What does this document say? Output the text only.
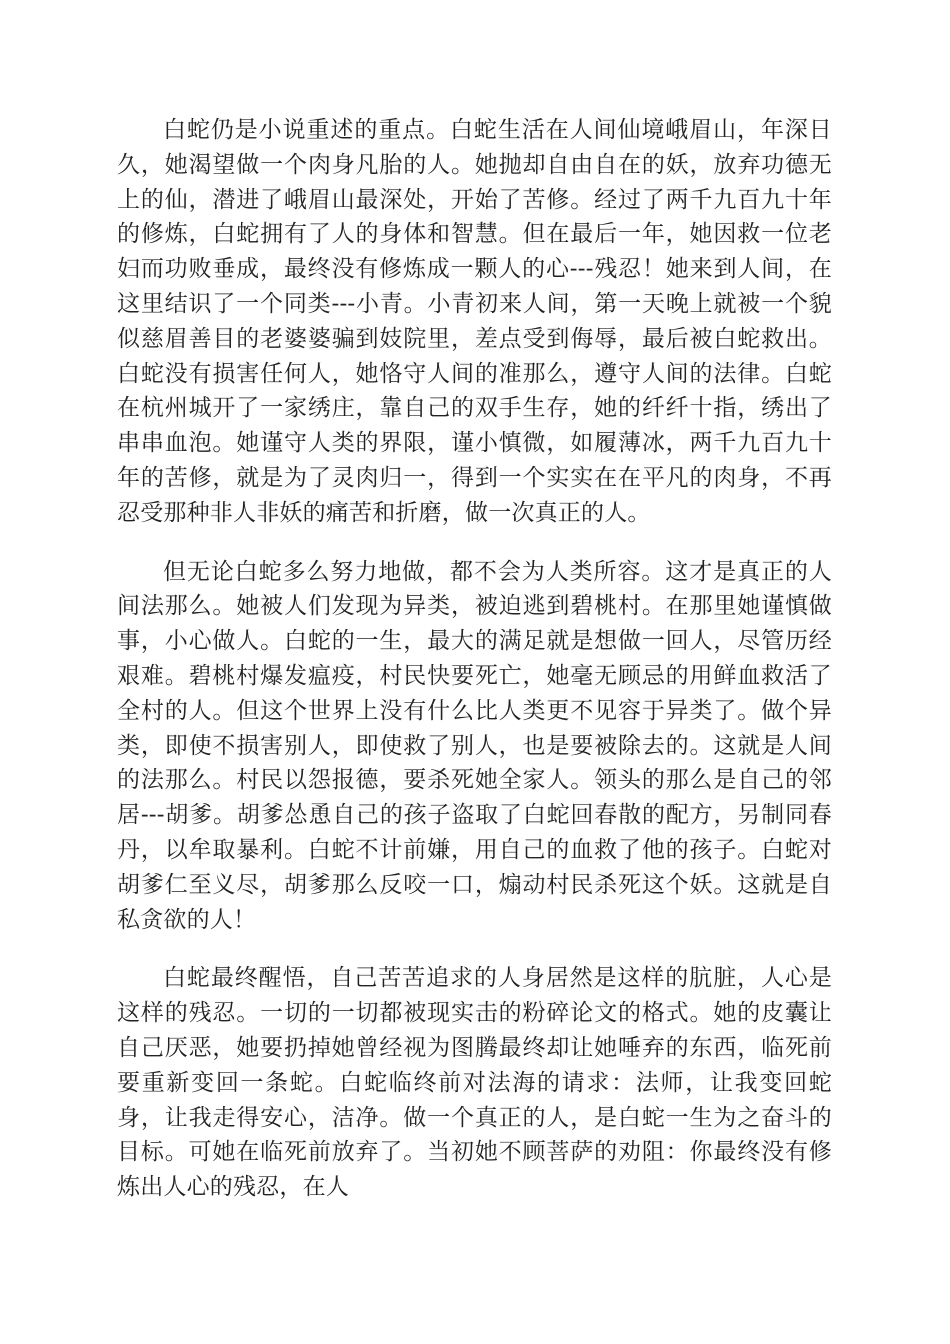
白蛇仍是小说重述的重点。白蛇生活在人间仙境峨眉山，年深日久，她渴望做一个肉身凡胎的人。她抛却自由自在的妖，放弃功德无上的仙，潜进了峨眉山最深处，开始了苦修。经过了两千九百九十年的修炼，白蛇拥有了人的身体和智慧。但在最后一年，她因救一位老妇而功败垂成，最终没有修炼成一颗人的心---残忍！她来到人间，在这里结识了一个同类---小青。小青初来人间，第一天晚上就被一个貌似慈眉善目的老婆婆骗到妓院里，差点受到侮辱，最后被白蛇救出。白蛇没有损害任何人，她恪守人间的准那么，遵守人间的法律。白蛇在杭州城开了一家绣庄，靠自己的双手生存，她的纤纤十指，绣出了串串血泡。她谨守人类的界限，谨小慎微，如履薄冰，两千九百九十年的苦修，就是为了灵肉归一，得到一个实实在在平凡的肉身，不再忍受那种非人非妖的痛苦和折磨，做一次真正的人。

但无论白蛇多么努力地做，都不会为人类所容。这才是真正的人间法那么。她被人们发现为异类，被迫逃到碧桃村。在那里她谨慎做事，小心做人。白蛇的一生，最大的满足就是想做一回人，尽管历经艰难。碧桃村爆发瘟疫，村民快要死亡，她毫无顾忌的用鲜血救活了全村的人。但这个世界上没有什么比人类更不见容于异类了。做个异类，即使不损害别人，即使救了别人，也是要被除去的。这就是人间的法那么。村民以怨报德，要杀死她全家人。领头的那么是自己的邻居---胡爹。胡爹怂恿自己的孩子盗取了白蛇回春散的配方，另制同春丹，以牟取暴利。白蛇不计前嫌，用自己的血救了他的孩子。白蛇对胡爹仁至义尽，胡爹那么反咬一口，煽动村民杀死这个妖。这就是自私贪欲的人！

白蛇最终醒悟，自己苦苦追求的人身居然是这样的肮脏，人心是这样的残忍。一切的一切都被现实击的粉碎论文的格式。她的皮囊让自己厌恶，她要扔掉她曾经视为图腾最终却让她唾弃的东西，临死前要重新变回一条蛇。白蛇临终前对法海的请求：法师，让我变回蛇身，让我走得安心，洁净。做一个真正的人，是白蛇一生为之奋斗的目标。可她在临死前放弃了。当初她不顾菩萨的劝阻：你最终没有修炼出人心的残忍，在人
